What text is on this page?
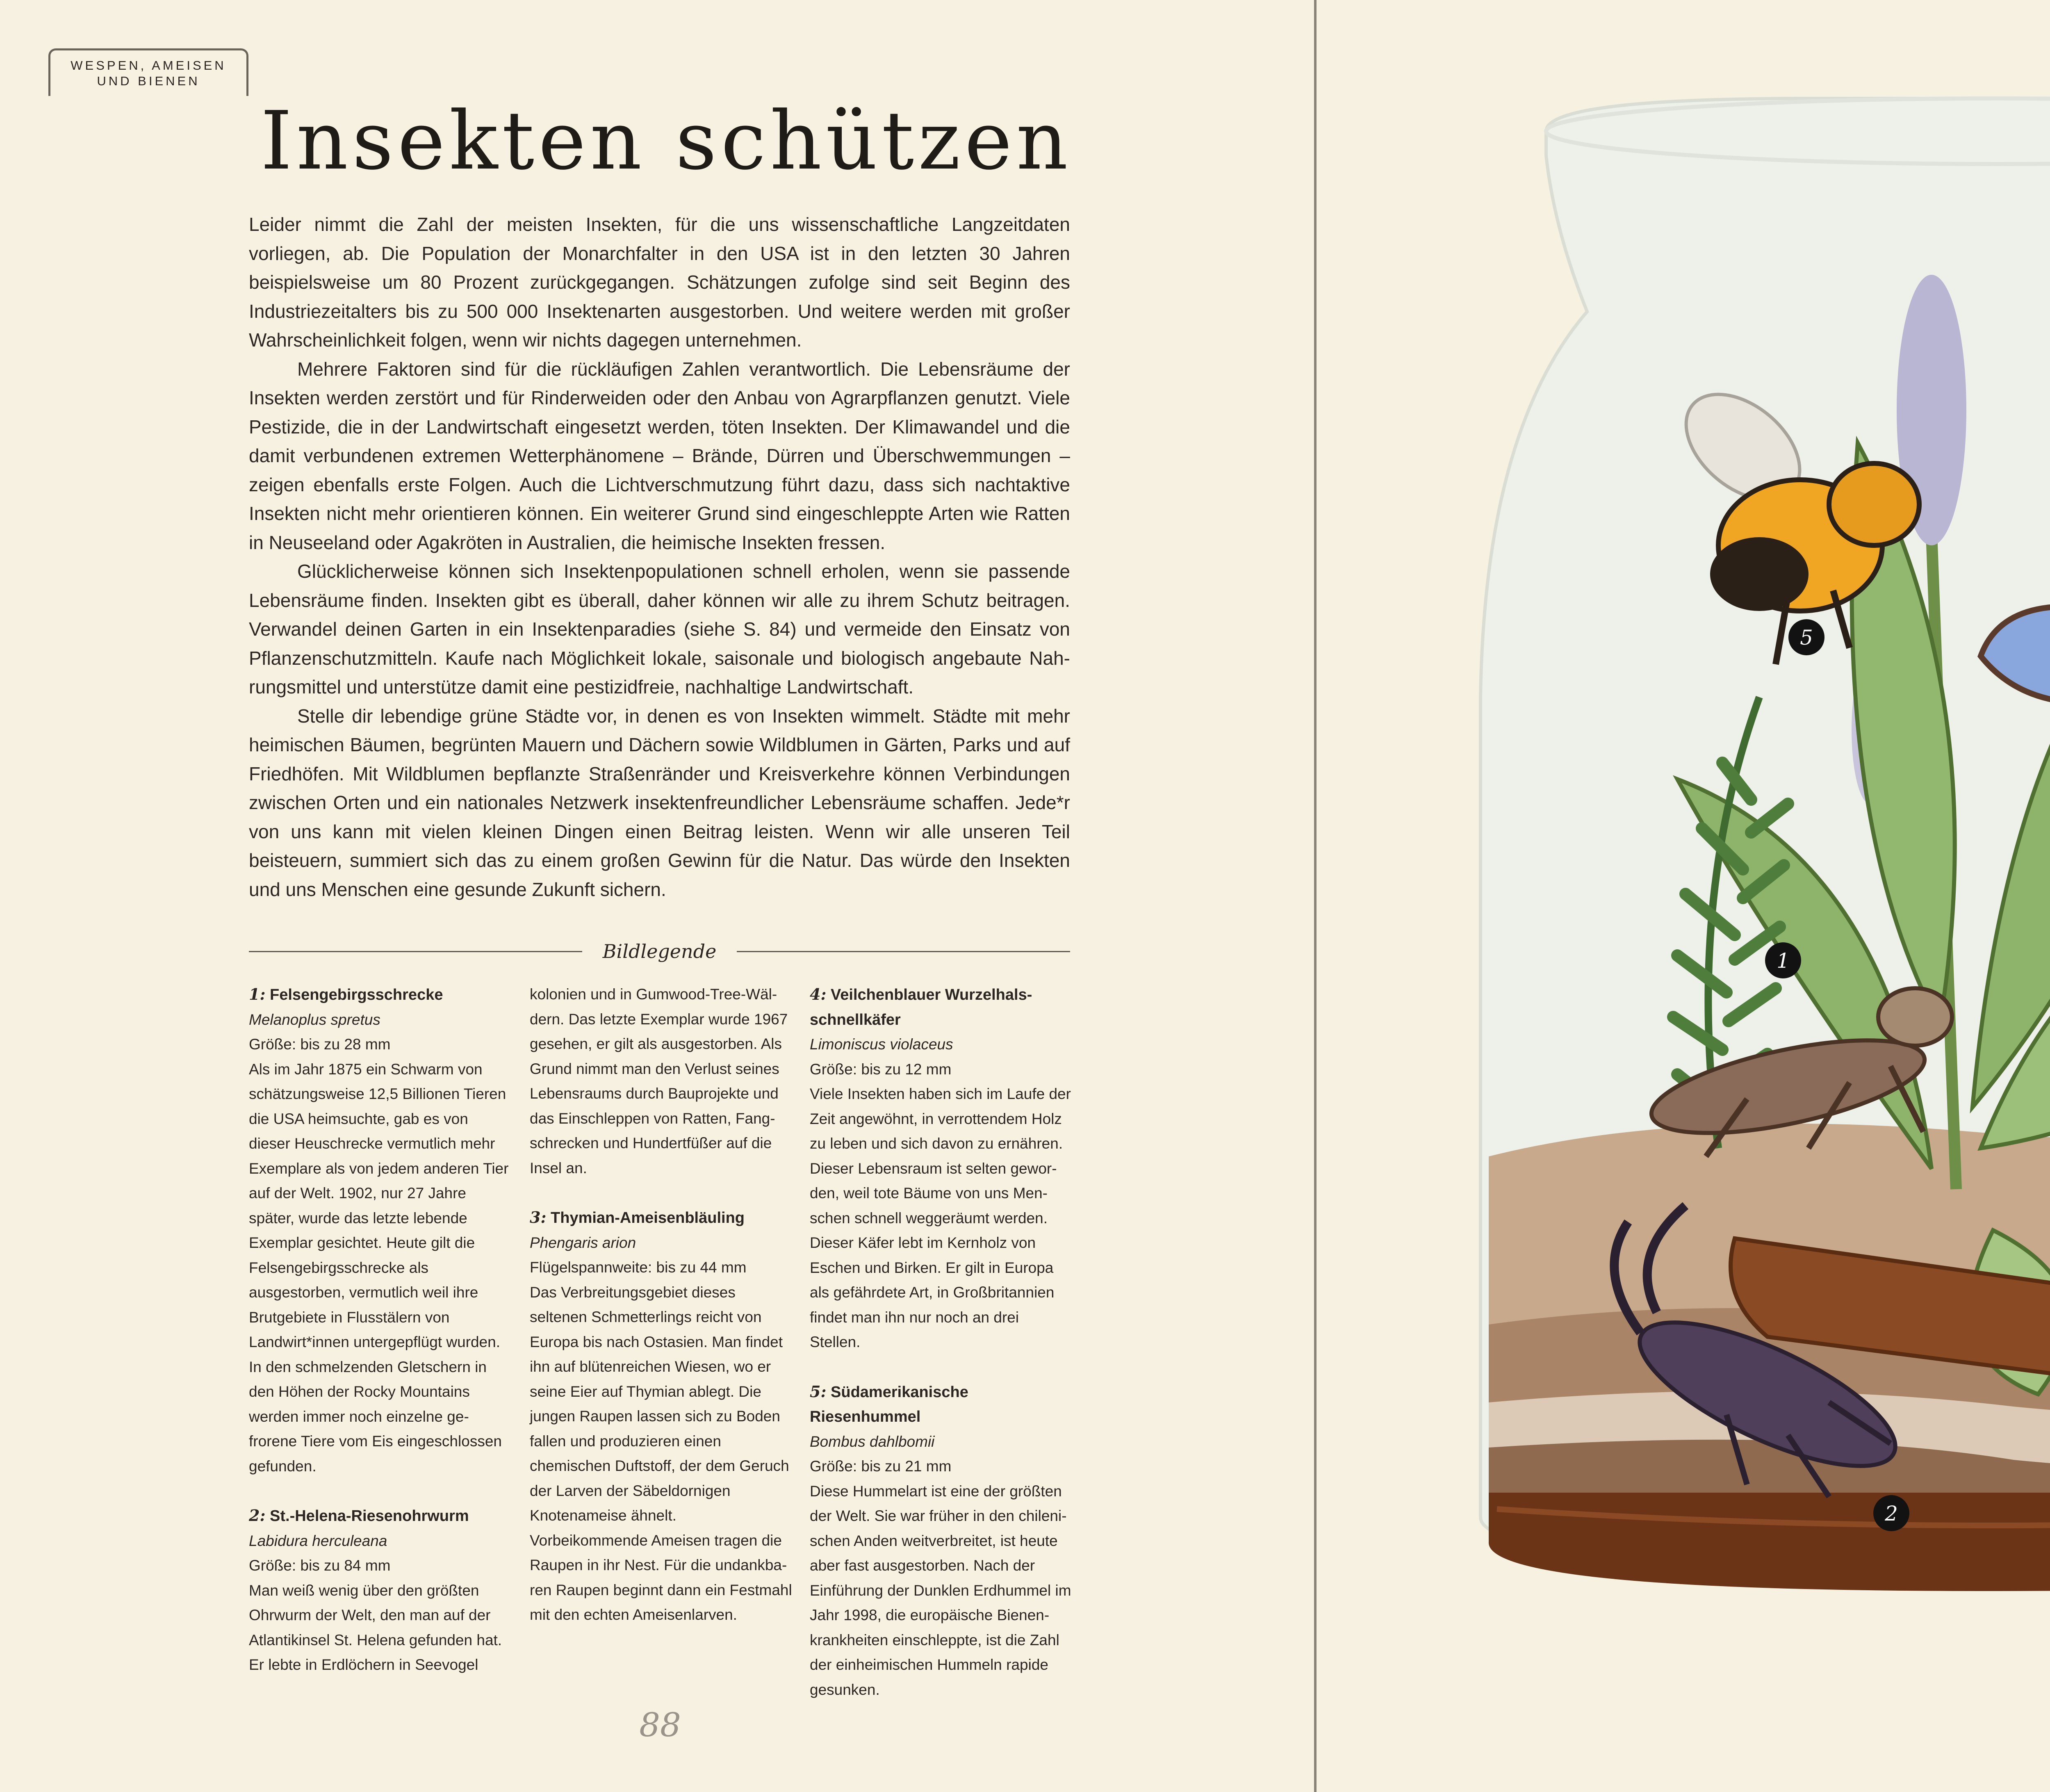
WESPEN, AMEISEN
UND BIENEN
Insekten schützen

Leider nimmt die Zahl der meisten Insekten, für die uns wissenschaftliche Langzeitdaten vorliegen, ab. Die Population der Monarchfalter in den USA ist in den letzten 30 Jahren beispielsweise um 80 Prozent zurückgegangen. Schätzungen zufolge sind seit Beginn des Industriezeitalters bis zu 500 000 Insektenarten ausgestorben. Und weitere werden mit großer Wahrscheinlichkeit folgen, wenn wir nichts dagegen unternehmen.

Mehrere Faktoren sind für die rückläufigen Zahlen verantwortlich. Die Lebensräume der Insekten werden zerstört und für Rinderweiden oder den Anbau von Agrarpflanzen genutzt. Viele Pestizide, die in der Landwirtschaft eingesetzt werden, töten Insekten. Der Klimawandel und die damit verbundenen extremen Wetterphänomene – Brände, Dürren und Überschwemmungen – zeigen ebenfalls erste Folgen. Auch die Lichtverschmutzung führt dazu, dass sich nachtaktive Insekten nicht mehr orientieren können. Ein weiterer Grund sind eingeschleppte Arten wie Ratten in Neuseeland oder Agakröten in Australien, die heimische Insekten fressen.

Glücklicherweise können sich Insektenpopulationen schnell erholen, wenn sie passende Lebensräume finden. Insekten gibt es überall, daher können wir alle zu ihrem Schutz beitragen. Verwandel deinen Garten in ein Insektenparadies (siehe S. 84) und vermeide den Einsatz von Pflanzenschutzmitteln. Kaufe nach Möglichkeit lokale, saisonale und biologisch angebaute Nahrungsmittel und unterstütze damit eine pestizidfreie, nachhaltige Landwirtschaft.

Stelle dir lebendige grüne Städte vor, in denen es von Insekten wimmelt. Städte mit mehr heimischen Bäumen, begrünten Mauern und Dächern sowie Wildblumen in Gärten, Parks und auf Friedhöfen. Mit Wildblumen bepflanzte Straßenränder und Kreisverkehre können Verbindungen zwischen Orten und ein nationales Netzwerk insektenfreundlicher Lebensräume schaffen. Jede*r von uns kann mit vielen kleinen Dingen einen Beitrag leisten. Wenn wir alle unseren Teil beisteuern, summiert sich das zu einem großen Gewinn für die Natur. Das würde den Insekten und uns Menschen eine gesunde Zukunft sichern.

Bildlegende
1: Felsengebirgsschrecke
Melanoplus spretus
Größe: bis zu 28 mm
Als im Jahr 1875 ein Schwarm von schätzungsweise 12,5 Billionen Tieren die USA heimsuchte, gab es von dieser Heuschrecke vermutlich mehr Exemplare als von jedem anderen Tier auf der Welt. 1902, nur 27 Jahre später, wurde das letzte lebende Exemplar gesichtet. Heute gilt die Felsengebirgsschrecke als ausgestorben, vermutlich weil ihre Brutgebiete in Flusstälern von Landwirt*innen untergepflügt wurden. In den schmelzenden Gletschern in den Höhen der Rocky Mountains werden immer noch einzelne gefrorene Tiere vom Eis eingeschlossen gefunden.
2: St.-Helena-Riesenohrwurm
Labidura herculeana
Größe: bis zu 84 mm
Man weiß wenig über den größten Ohrwurm der Welt, den man auf der Atlantikinsel St. Helena gefunden hat. Er lebte in Erdlöchern in Seevogel
kolonien und in Gumwood-Tree-Wäldern. Das letzte Exemplar wurde 1967 gesehen, er gilt als ausgestorben. Als Grund nimmt man den Verlust seines Lebensraums durch Bauprojekte und das Einschleppen von Ratten, Fangschrecken und Hundertfüßer auf die Insel an.
3: Thymian-Ameisenbläuling
Phengaris arion
Flügelspannweite: bis zu 44 mm
Das Verbreitungsgebiet dieses seltenen Schmetterlings reicht von Europa bis nach Ostasien. Man findet ihn auf blütenreichen Wiesen, wo er seine Eier auf Thymian ablegt. Die jungen Raupen lassen sich zu Boden fallen und produzieren einen chemischen Duftstoff, der dem Geruch der Larven der Säbeldornigen Knotenameise ähnelt. Vorbeikommende Ameisen tragen die Raupen in ihr Nest. Für die undankbaren Raupen beginnt dann ein Festmahl mit den echten Ameisenlarven.
4: Veilchenblauer Wurzelhalsschnellkäfer
Limoniscus violaceus
Größe: bis zu 12 mm
Viele Insekten haben sich im Laufe der Zeit angewöhnt, in verrottendem Holz zu leben und sich davon zu ernähren. Dieser Lebensraum ist selten geworden, weil tote Bäume von uns Menschen schnell weggeräumt werden. Dieser Käfer lebt im Kernholz von Eschen und Birken. Er gilt in Europa als gefährdete Art, in Großbritannien findet man ihn nur noch an drei Stellen.
5: Südamerikanische Riesenhummel
Bombus dahlbomii
Größe: bis zu 21 mm
Diese Hummelart ist eine der größten der Welt. Sie war früher in den chilenischen Anden weitverbreitet, ist heute aber fast ausgestorben. Nach der Einführung der Dunklen Erdhummel im Jahr 1998, die europäische Bienenkrankheiten einschleppte, ist die Zahl der einheimischen Hummeln rapide gesunken.
88
1
2
5
